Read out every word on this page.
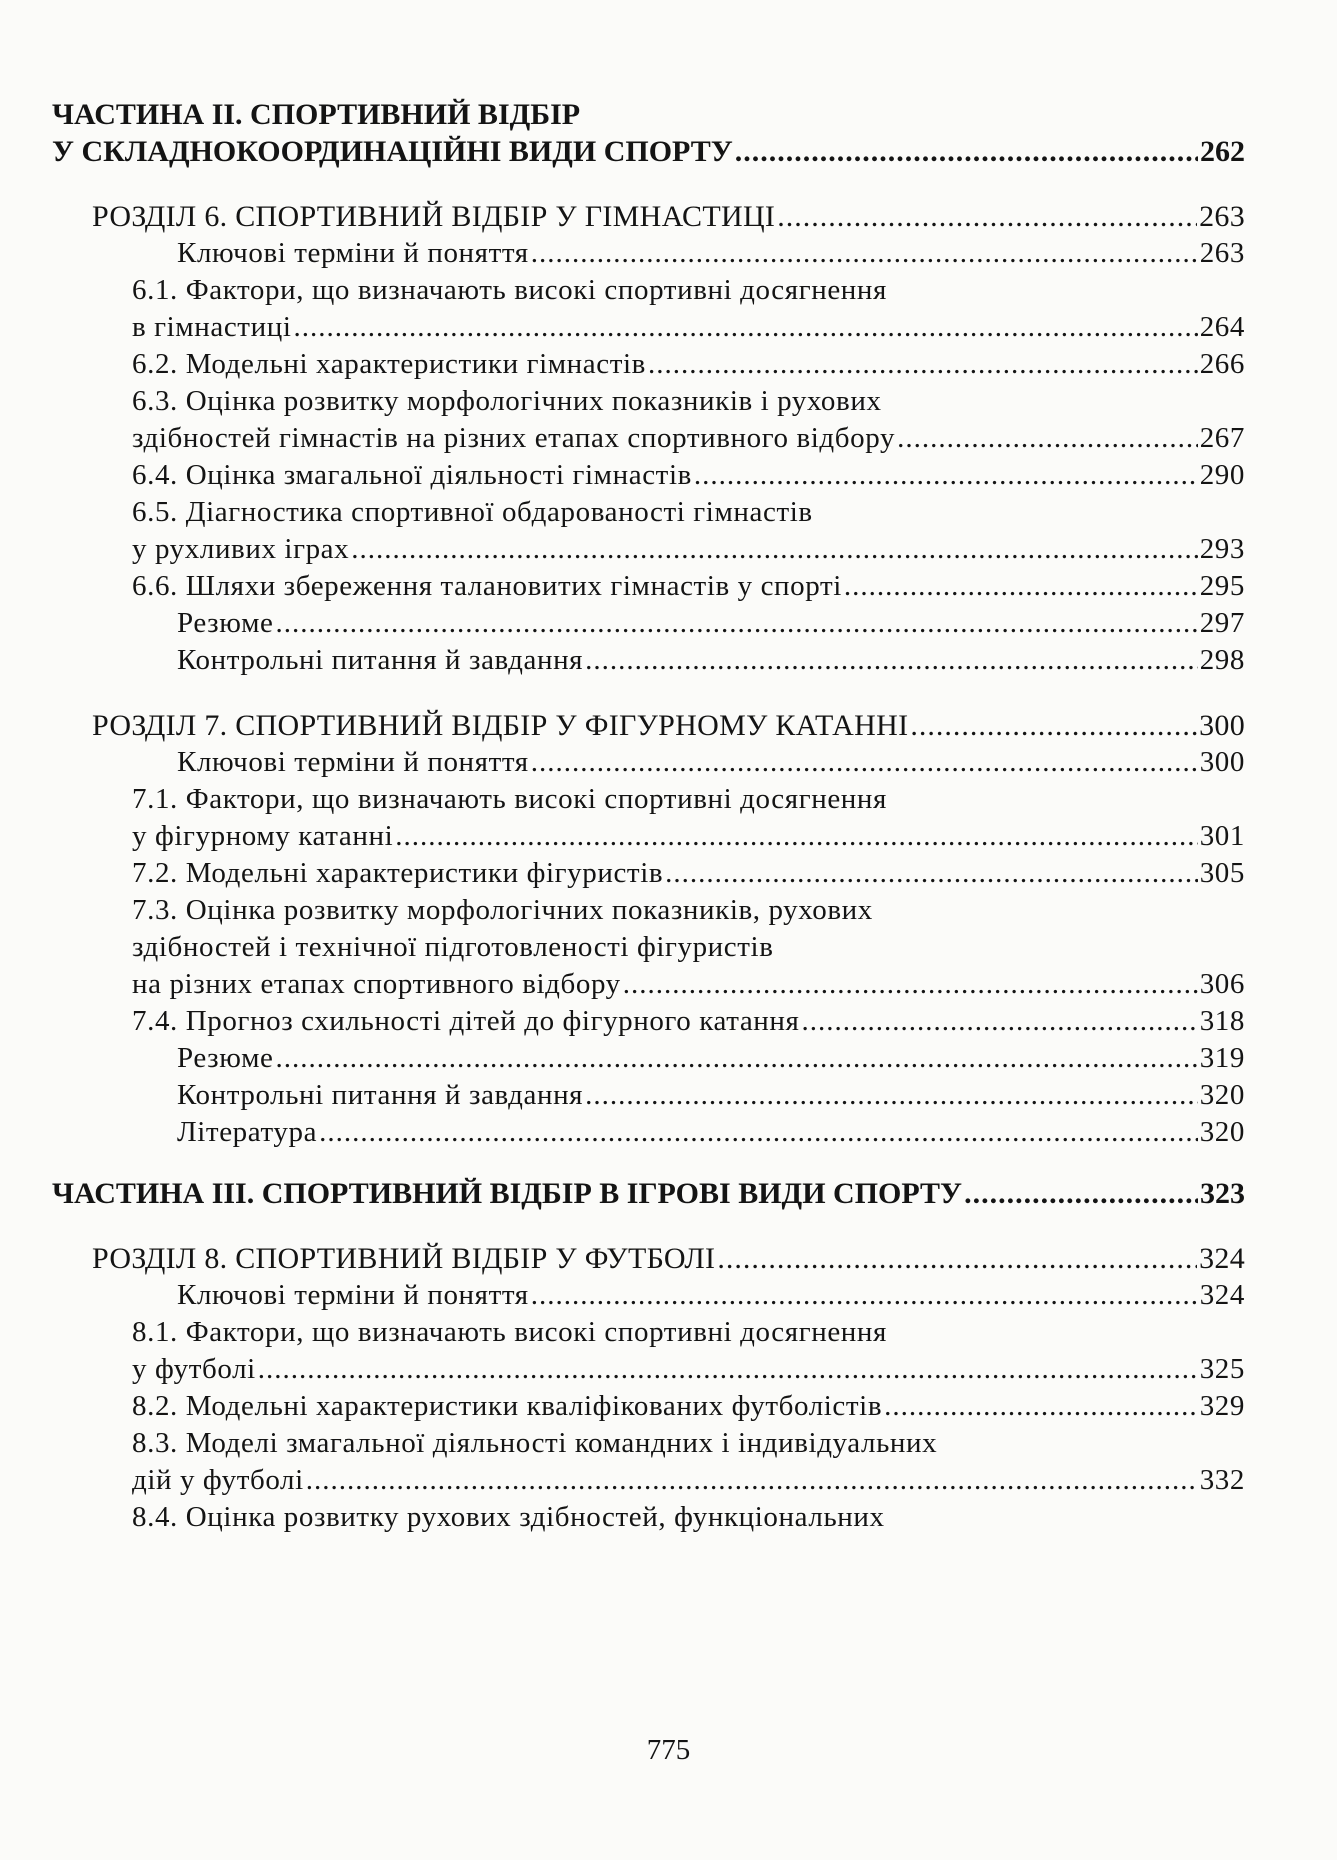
ЧАСТИНА ІІ. СПОРТИВНИЙ ВІДБІР
У СКЛАДНОКООРДИНАЦІЙНІ ВИДИ СПОРТУ .....	262
РОЗДІЛ 6. СПОРТИВНИЙ ВІДБІР У ГІМНАСТИЦІ .....	263
Ключові терміни й поняття .....	263
6.1. Фактори, що визначають високі спортивні досягнення
в гімнастиці .....	264
6.2. Модельні характеристики гімнастів .....	266
6.3. Оцінка розвитку морфологічних показників і рухових
здібностей гімнастів на різних етапах спортивного відбору .....	267
6.4. Оцінка змагальної діяльності гімнастів .....	290
6.5. Діагностика спортивної обдарованості гімнастів
у рухливих іграх .....	293
6.6. Шляхи збереження талановитих гімнастів у спорті .....	295
Резюме .....	297
Контрольні питання й завдання .....	298
РОЗДІЛ 7. СПОРТИВНИЙ ВІДБІР У ФІГУРНОМУ КАТАННІ .....	300
Ключові терміни й поняття .....	300
7.1. Фактори, що визначають високі спортивні досягнення
у фігурному катанні .....	301
7.2. Модельні характеристики фігуристів .....	305
7.3. Оцінка розвитку морфологічних показників, рухових
здібностей і технічної підготовленості фігуристів
на різних етапах спортивного відбору .....	306
7.4. Прогноз схильності дітей до фігурного катання .....	318
Резюме .....	319
Контрольні питання й завдання .....	320
Література .....	320
ЧАСТИНА ІІІ. СПОРТИВНИЙ ВІДБІР В ІГРОВІ ВИДИ СПОРТУ .....	323
РОЗДІЛ 8. СПОРТИВНИЙ ВІДБІР У ФУТБОЛІ .....	324
Ключові терміни й поняття .....	324
8.1. Фактори, що визначають високі спортивні досягнення
у футболі .....	325
8.2. Модельні характеристики кваліфікованих футболістів .....	329
8.3. Моделі змагальної діяльності командних і індивідуальних
дій у футболі .....	332
8.4. Оцінка розвитку рухових здібностей, функціональних
775
